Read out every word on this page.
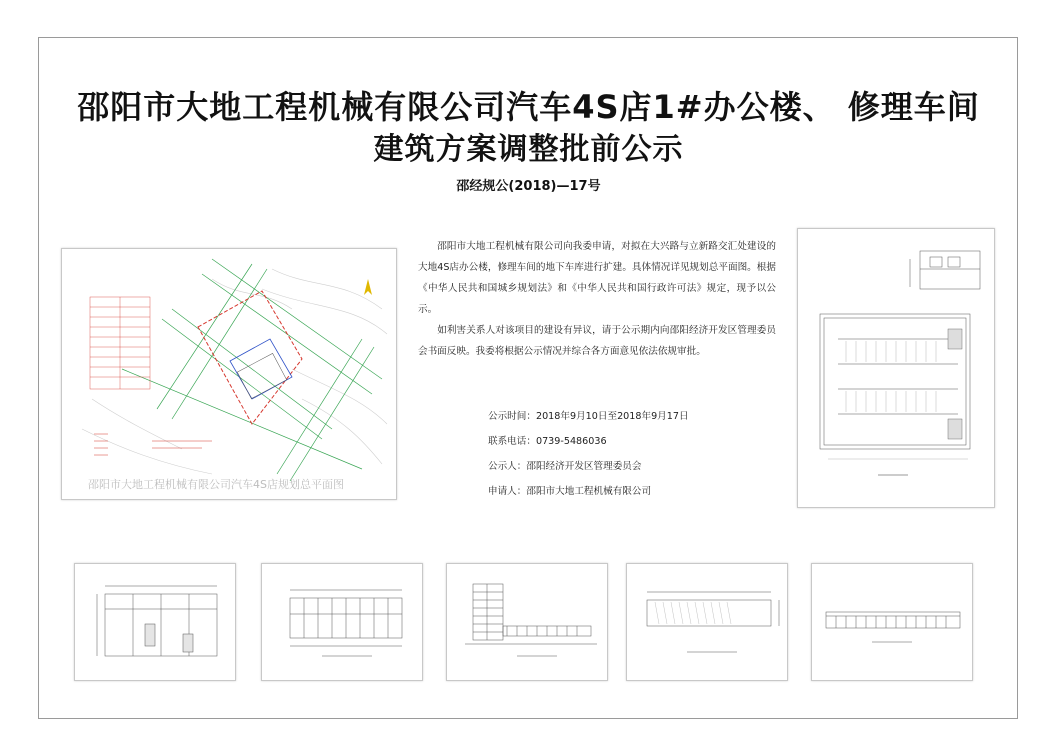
邵阳市大地工程机械有限公司汽车4S店1#办公楼、 修理车间
建筑方案调整批前公示
邵经规公(2018)—17号
邵阳市大地工程机械有限公司汽车4S店规划总平面图

邵阳市大地工程机械有限公司向我委申请，对拟在大兴路与立新路交汇处建设的大地4S店办公楼，修理车间的地下车库进行扩建。具体情况详见规划总平面图。根据《中华人民共和国城乡规划法》和《中华人民共和国行政许可法》规定，现予以公示。

如利害关系人对该项目的建设有异议，请于公示期内向邵阳经济开发区管理委员会书面反映。我委将根据公示情况并综合各方面意见依法依规审批。

公示时间：2018年9月10日至2018年9月17日
联系电话：0739-5486036
公示人：邵阳经济开发区管理委员会
申请人：邵阳市大地工程机械有限公司
